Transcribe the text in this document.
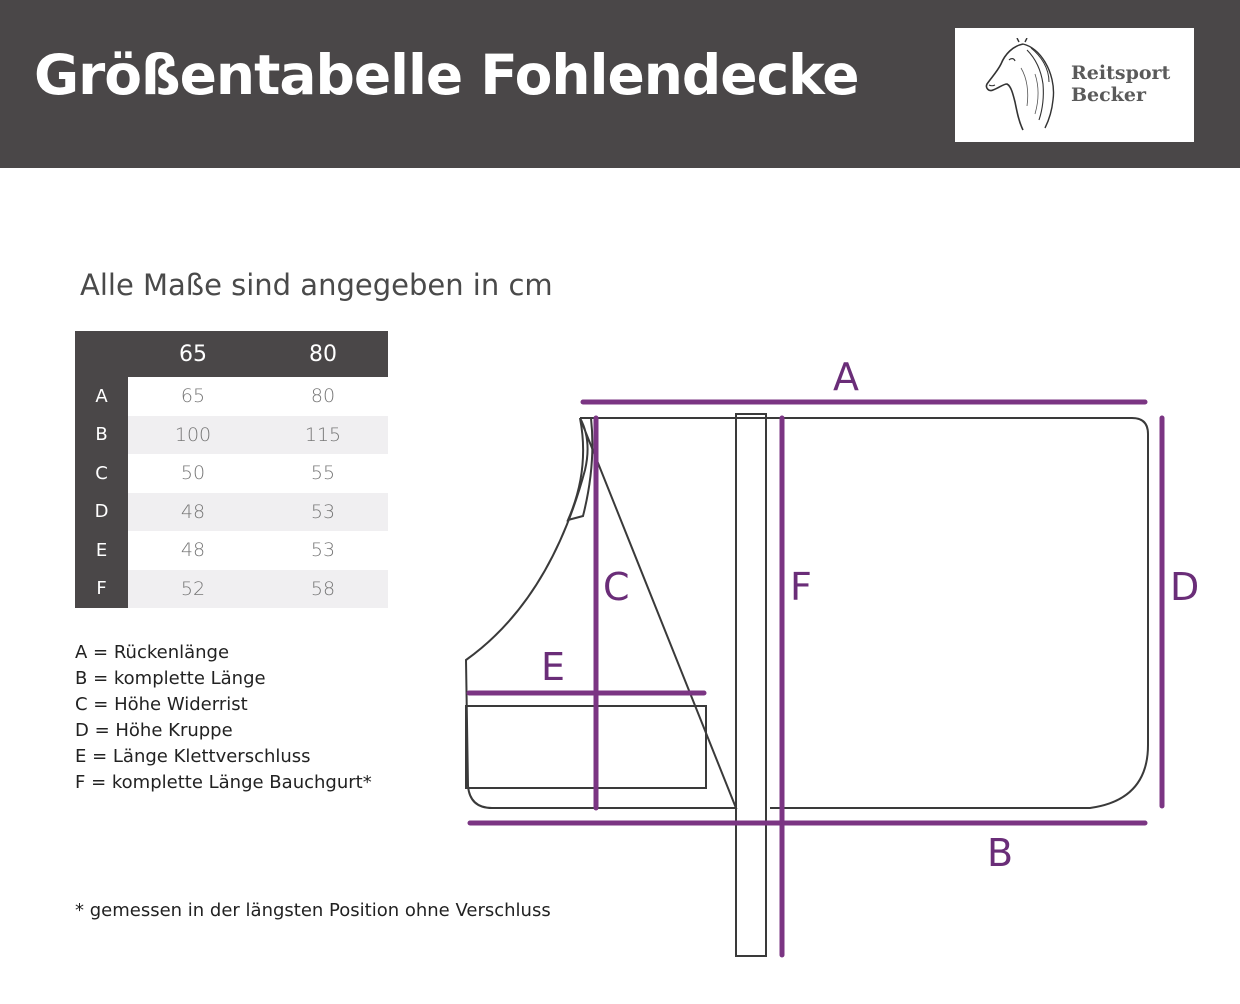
Größentabelle Fohlendecke	Reitsport
Becker
Alle Maße sind angegeben in cm
	65	80
A	65	80
B	100	115
C	50	55
D	48	53
E	48	53
F	52	58
A = Rückenlänge
B = komplette Länge
C = Höhe Widerrist
D = Höhe Kruppe
E = Länge Klettverschluss
F = komplette Länge Bauchgurt*
* gemessen in der längsten Position ohne Verschluss
A
B
C	D
E
F
